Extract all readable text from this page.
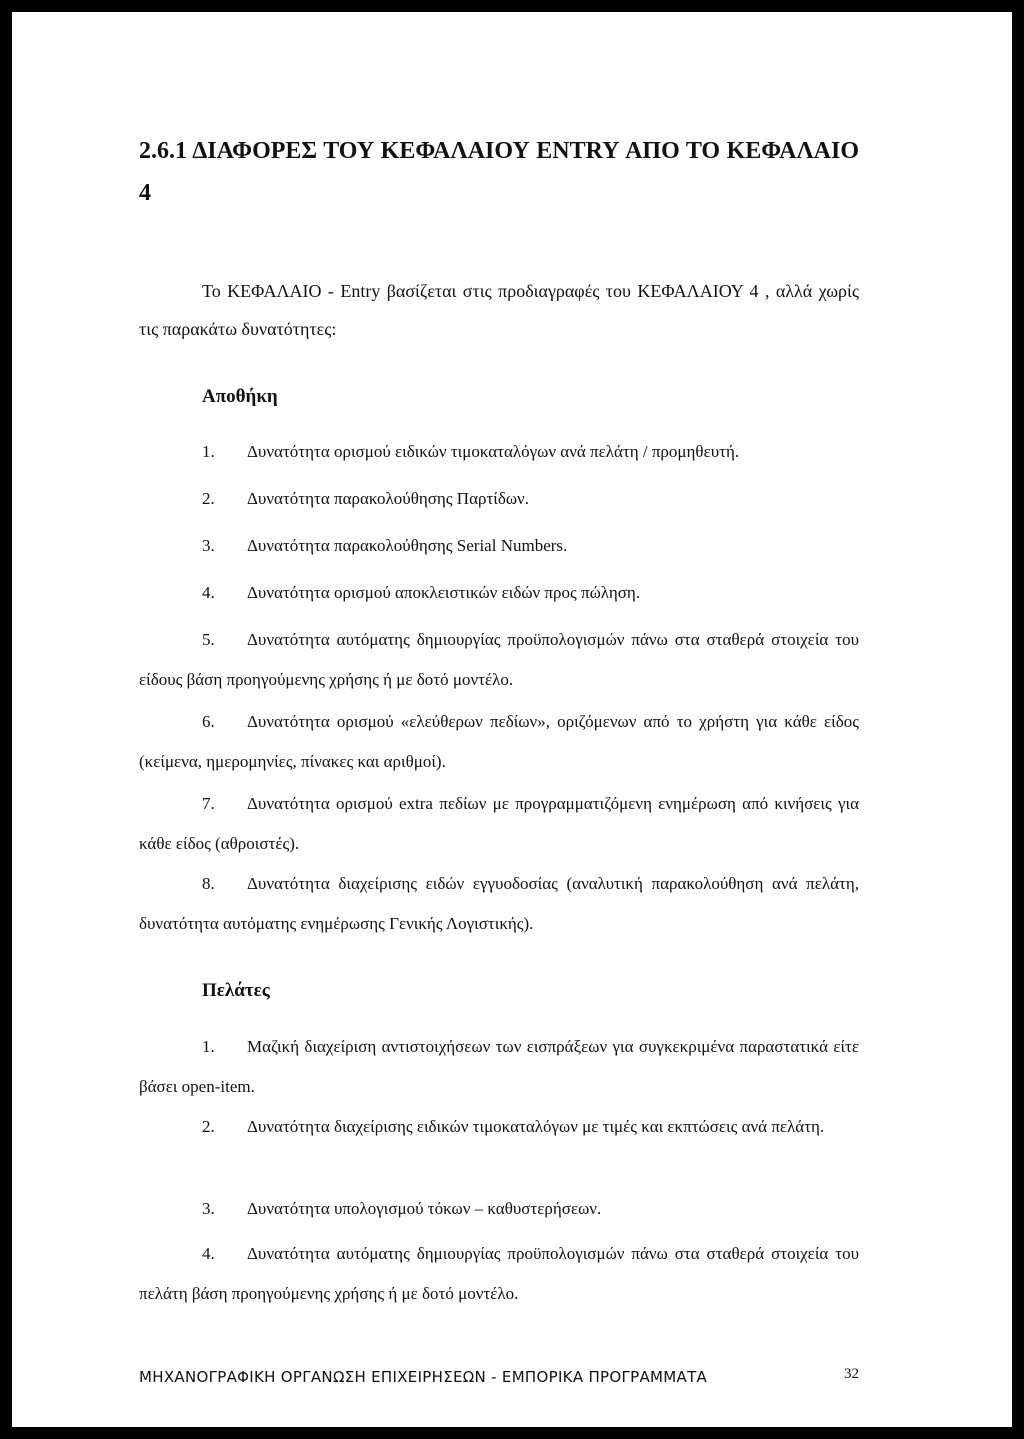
2.6.1 ΔΙΑΦΟΡΕΣ ΤΟΥ ΚΕΦΑΛΑΙΟΥ ENTRY ΑΠΟ ΤΟ ΚΕΦΑΛΑΙΟ 4

Το ΚΕΦΑΛΑΙΟ - Entry βασίζεται στις προδιαγραφές του ΚΕΦΑΛΑΙΟΥ 4 , αλλά χωρίς τις παρακάτω δυνατότητες:

Αποθήκη

1. Δυνατότητα ορισμού ειδικών τιμοκαταλόγων ανά πελάτη / προμηθευτή.

2. Δυνατότητα παρακολούθησης Παρτίδων.

3. Δυνατότητα παρακολούθησης Serial Numbers.

4. Δυνατότητα ορισμού αποκλειστικών ειδών προς πώληση.

5. Δυνατότητα αυτόματης δημιουργίας προϋπολογισμών πάνω στα σταθερά στοιχεία του είδους βάση προηγούμενης χρήσης ή με δοτό μοντέλο.

6. Δυνατότητα ορισμού «ελεύθερων πεδίων», οριζόμενων από το χρήστη για κάθε είδος (κείμενα, ημερομηνίες, πίνακες και αριθμοί).

7. Δυνατότητα ορισμού extra πεδίων με προγραμματιζόμενη ενημέρωση από κινήσεις για κάθε είδος (αθροιστές).

8. Δυνατότητα διαχείρισης ειδών εγγυοδοσίας (αναλυτική παρακολούθηση ανά πελάτη, δυνατότητα αυτόματης ενημέρωσης Γενικής Λογιστικής).

Πελάτες

1. Μαζική διαχείριση αντιστοιχήσεων των εισπράξεων για συγκεκριμένα παραστατικά είτε βάσει open-item.

2. Δυνατότητα διαχείρισης ειδικών τιμοκαταλόγων με τιμές και εκπτώσεις ανά πελάτη.

3. Δυνατότητα υπολογισμού τόκων – καθυστερήσεων.

4. Δυνατότητα αυτόματης δημιουργίας προϋπολογισμών πάνω στα σταθερά στοιχεία του πελάτη βάση προηγούμενης χρήσης ή με δοτό μοντέλο.

ΜΗΧΑΝΟΓΡΑΦΙΚΗ ΟΡΓΑΝΩΣΗ ΕΠΙΧΕΙΡΗΣΕΩΝ - ΕΜΠΟΡΙΚΑ ΠΡΟΓΡΑΜΜΑΤΑ	32
